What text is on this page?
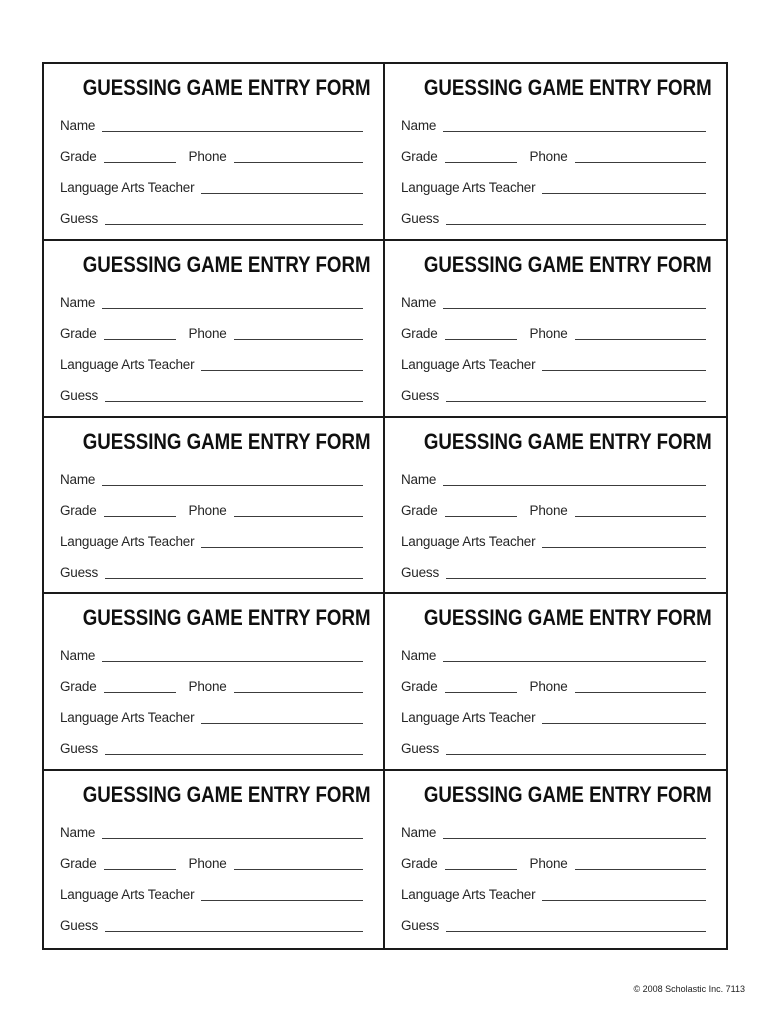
GUESSING GAME ENTRY FORM
Name
Grade	Phone
Language Arts Teacher
Guess
GUESSING GAME ENTRY FORM
Name
Grade	Phone
Language Arts Teacher
Guess
GUESSING GAME ENTRY FORM
Name
Grade	Phone
Language Arts Teacher
Guess
GUESSING GAME ENTRY FORM
Name
Grade	Phone
Language Arts Teacher
Guess
GUESSING GAME ENTRY FORM
Name
Grade	Phone
Language Arts Teacher
Guess
GUESSING GAME ENTRY FORM
Name
Grade	Phone
Language Arts Teacher
Guess
GUESSING GAME ENTRY FORM
Name
Grade	Phone
Language Arts Teacher
Guess
GUESSING GAME ENTRY FORM
Name
Grade	Phone
Language Arts Teacher
Guess
GUESSING GAME ENTRY FORM
Name
Grade	Phone
Language Arts Teacher
Guess
GUESSING GAME ENTRY FORM
Name
Grade	Phone
Language Arts Teacher
Guess
© 2008 Scholastic Inc. 7113
